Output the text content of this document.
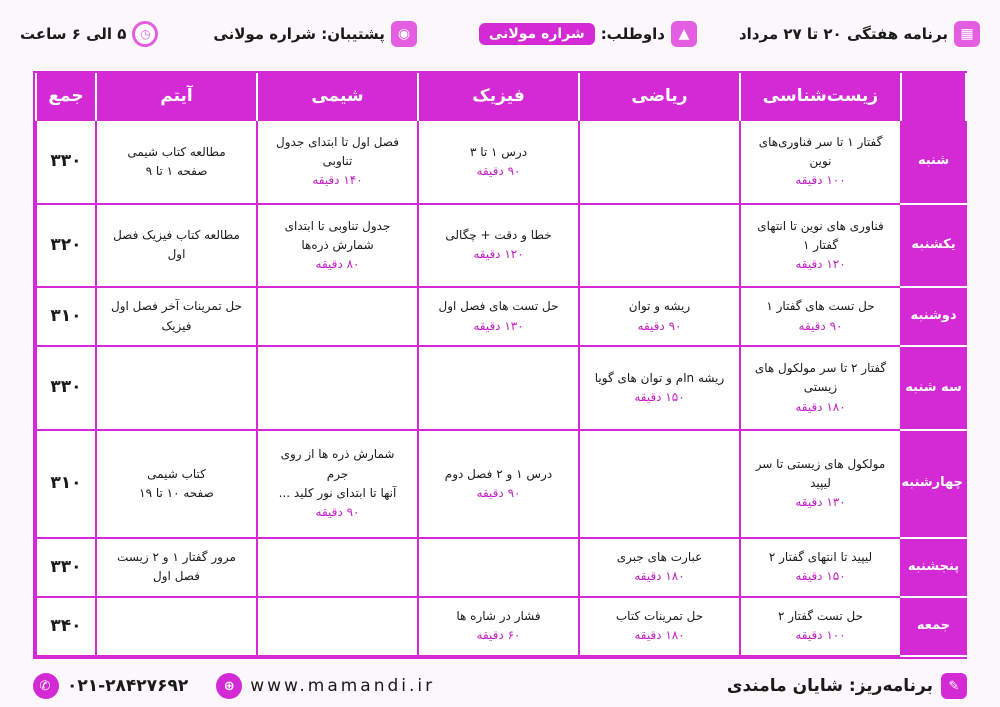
▦
برنامه هفتگی ۲۰ تا ۲۷ مرداد
▲
داوطلب:
شراره مولانی
◉
پشتیبان: شراره مولانی
◷
۵ الی ۶ ساعت
	زیست‌شناسی	ریاضی	فیزیک	شیمی	آیتم	جمع
شنبه	گفتار ۱ تا سر فناوری‌های
نوین
۱۰۰ دقیقه		درس ۱ تا ۳
۹۰ دقیقه	فصل اول تا ابتدای جدول
تناوبی
۱۴۰ دقیقه	مطالعه کتاب شیمی
صفحه ۱ تا ۹	۳۳۰
یکشنبه	فناوری های نوین تا انتهای
گفتار ۱
۱۲۰ دقیقه		خطا و دقت + چگالی
۱۲۰ دقیقه	جدول تناوبی تا ابتدای
شمارش ذره‌ها
۸۰ دقیقه	مطالعه کتاب فیزیک فصل
اول	۳۲۰
دوشنبه	حل تست های گفتار ۱
۹۰ دقیقه	ریشه و توان
۹۰ دقیقه	حل تست های فصل اول
۱۳۰ دقیقه		حل تمرینات آخر فصل اول
فیزیک	۳۱۰
سه شنبه	گفتار ۲ تا سر مولکول های
زیستی
۱۸۰ دقیقه	ریشه nام و توان های گویا
۱۵۰ دقیقه				۳۳۰
چهارشنبه	مولکول های زیستی تا سر
لیپید
۱۳۰ دقیقه		درس ۱ و ۲ فصل دوم
۹۰ دقیقه	شمارش ذره ها از روی جرم
آنها تا ابتدای نور کلید ...
۹۰ دقیقه	کتاب شیمی
صفحه ۱۰ تا ۱۹	۳۱۰
پنجشنبه	لیپید تا انتهای گفتار ۲
۱۵۰ دقیقه	عبارت های جبری
۱۸۰ دقیقه			مرور گفتار ۱ و ۲ زیست
فصل اول	۳۳۰
جمعه	حل تست گفتار ۲
۱۰۰ دقیقه	حل تمرینات کتاب
۱۸۰ دقیقه	فشار در شاره ها
۶۰ دقیقه			۳۴۰
✆ ۰۲۱-۲۸۴۲۷۶۹۲	⊕ www.mamandi.ir	✎
برنامه‌ریز: شایان مامندی
